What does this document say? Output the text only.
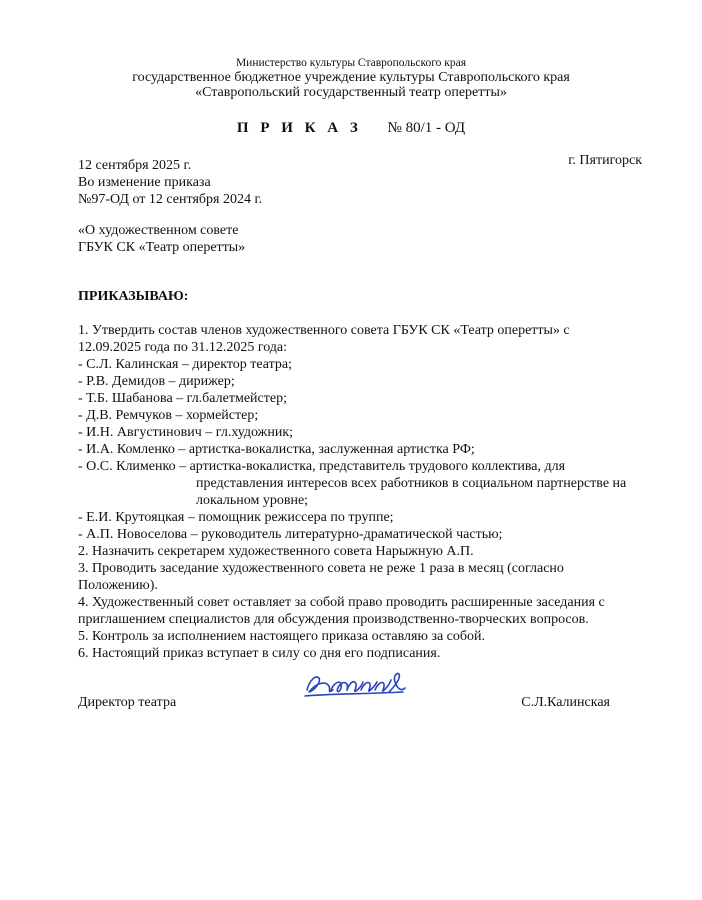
Министерство культуры Ставропольского края
государственное бюджетное учреждение культуры Ставропольского края
«Ставропольский государственный театр оперетты»
П Р И К А З № 80/1 - ОД
12 сентября 2025 г.	г. Пятигорск
Во изменение приказа
№97-ОД от 12 сентября 2024 г.
«О художественном совете
ГБУК СК «Театр оперетты»
ПРИКАЗЫВАЮ:
1. Утвердить состав членов художественного совета ГБУК СК «Театр оперетты» с
12.09.2025 года по 31.12.2025 года:
- С.Л. Калинская – директор театра;
- Р.В. Демидов – дирижер;
- Т.Б. Шабанова – гл.балетмейстер;
- Д.В. Ремчуков – хормейстер;
- И.Н. Августинович – гл.художник;
- И.А. Комленко – артистка-вокалистка, заслуженная артистка РФ;
- О.С. Клименко – артистка-вокалистка, представитель трудового коллектива, для
представления интересов всех работников в социальном партнерстве на
локальном уровне;
- Е.И. Крутояцкая – помощник режиссера по труппе;
- А.П. Новоселова – руководитель литературно-драматической частью;
2. Назначить секретарем художественного совета Нарыжную А.П.
3. Проводить заседание художественного совета не реже 1 раза в месяц (согласно
Положению).
4. Художественный совет оставляет за собой право проводить расширенные заседания с
приглашением специалистов для обсуждения производственно-творческих вопросов.
5. Контроль за исполнением настоящего приказа оставляю за собой.
6. Настоящий приказ вступает в силу со дня его подписания.
Директор театра	С.Л.Калинская
